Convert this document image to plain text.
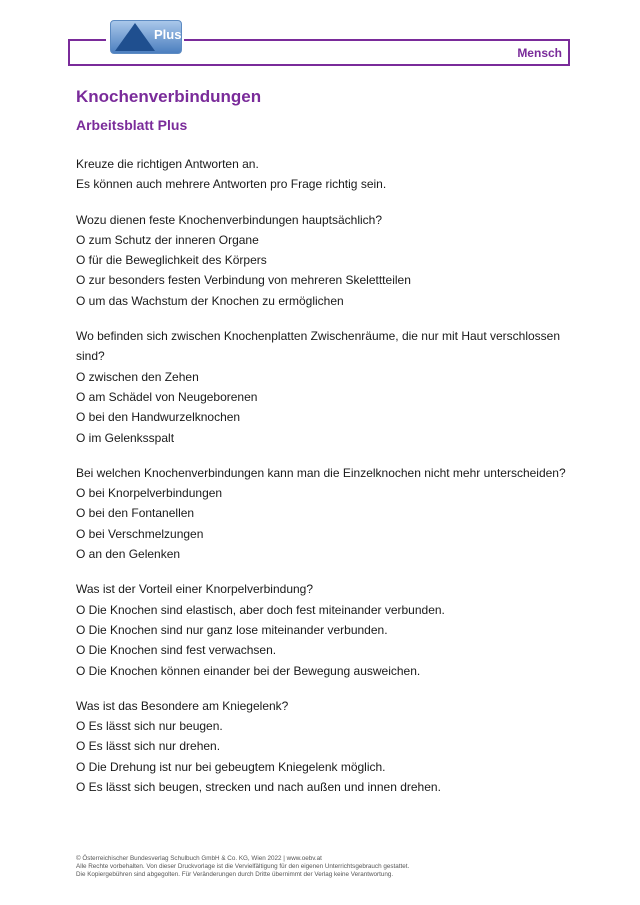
Mensch
Plus
Knochenverbindungen
Arbeitsblatt Plus

Kreuze die richtigen Antworten an.

Es können auch mehrere Antworten pro Frage richtig sein.

Wozu dienen feste Knochenverbindungen hauptsächlich?

O zum Schutz der inneren Organe

O für die Beweglichkeit des Körpers

O zur besonders festen Verbindung von mehreren Skelettteilen

O um das Wachstum der Knochen zu ermöglichen

Wo befinden sich zwischen Knochenplatten Zwischenräume, die nur mit Haut verschlossen sind?

O zwischen den Zehen

O am Schädel von Neugeborenen

O bei den Handwurzelknochen

O im Gelenksspalt

Bei welchen Knochenverbindungen kann man die Einzelknochen nicht mehr unterscheiden?

O bei Knorpelverbindungen

O bei den Fontanellen

O bei Verschmelzungen

O an den Gelenken

Was ist der Vorteil einer Knorpelverbindung?

O Die Knochen sind elastisch, aber doch fest miteinander verbunden.

O Die Knochen sind nur ganz lose miteinander verbunden.

O Die Knochen sind fest verwachsen.

O Die Knochen können einander bei der Bewegung ausweichen.

Was ist das Besondere am Kniegelenk?

O Es lässt sich nur beugen.

O Es lässt sich nur drehen.

O Die Drehung ist nur bei gebeugtem Kniegelenk möglich.

O Es lässt sich beugen, strecken und nach außen und innen drehen.

© Österreichischer Bundesverlag Schulbuch GmbH & Co. KG, Wien 2022 | www.oebv.at

Alle Rechte vorbehalten. Von dieser Druckvorlage ist die Vervielfältigung für den eigenen Unterrichtsgebrauch gestattet.

Die Kopiergebühren sind abgegolten. Für Veränderungen durch Dritte übernimmt der Verlag keine Verantwortung.
